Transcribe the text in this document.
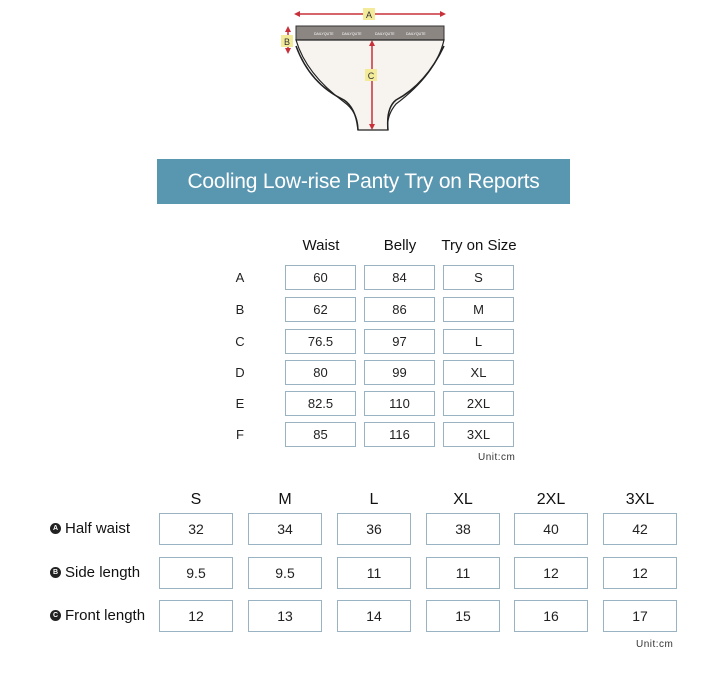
A
DAILYQUTE DAILYQUTE	DAILYQUTE	DAILYQUTE
B
C
Cooling Low-rise Panty Try on Reports
Waist	Belly	Try on Size
A	60	84	S
B	62	86	M
C	76.5	97	L
D	80	99	XL
E	82.5	110	2XL
F	85	116	3XL
Unit:cm
S	M	L	XL	2XL	3XL
A Half waist	32	34	36	38	40	42
B Side length	9.5	9.5	11	11	12	12
C Front length	12	13	14	15	16	17
Unit:cm
